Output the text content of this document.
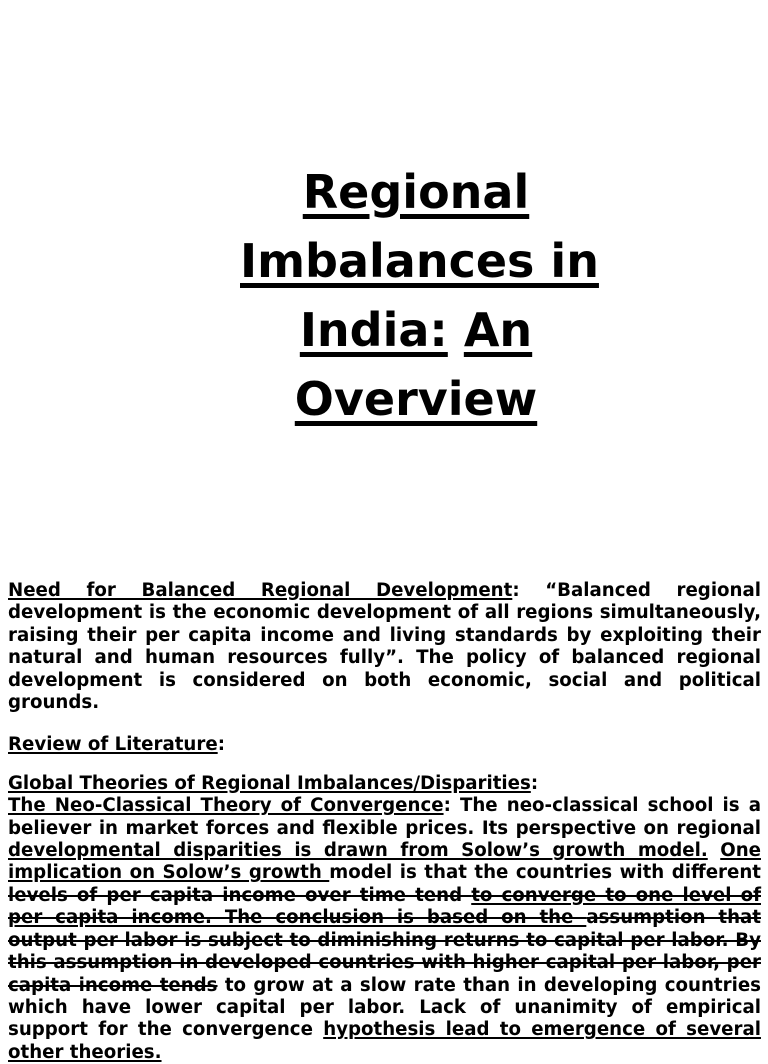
Regional
Imbalances in
India: An
Overview

Need for Balanced Regional Development: “Balanced regional development is the economic development of all regions simultaneously, raising their per capita income and living standards by exploiting their natural and human resources fully”. The policy of balanced regional development is considered on both economic, social and political grounds.

Review of Literature:

Global Theories of Regional Imbalances/Disparities:

The Neo-Classical Theory of Convergence: The neo-classical school is a believer in market forces and flexible prices. Its perspective on regional developmental disparities is drawn from Solow’s growth model. One implication on Solow’s growth model is that the countries with different levels of per capita income over time tend to converge to one level of per capita income. The conclusion is based on the assumption that output per labor is subject to diminishing returns to capital per labor. By this assumption in developed countries with higher capital per labor, per capita income tends to grow at a slow rate than in developing countries which have lower capital per labor. Lack of unanimity of empirical support for the convergence hypothesis lead to emergence of several other theories.
